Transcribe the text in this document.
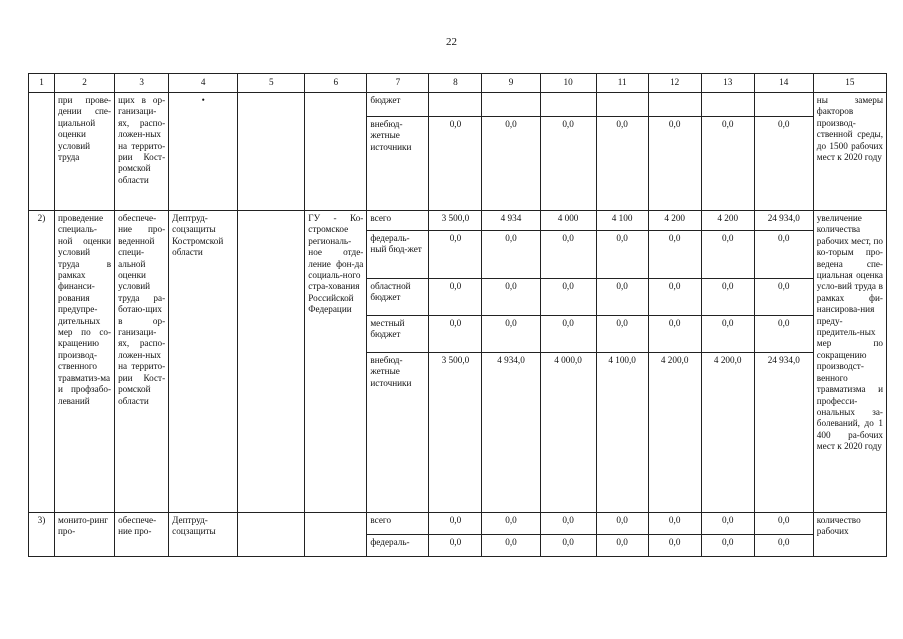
22
1	2	3	4	5	6	7	8	9	10	11	12	13	14	15
	при прове-дении спе-циальной оценки условий труда	щих в ор-ганизаци-ях, распо-ложен-ных на террито-рии Кост-ромской области	•			бюджет								ны замеры факторов производ-ственной среды, до 1500 рабочих мест к 2020 году
						внебюд-жетные источники	0,0	0,0	0,0	0,0	0,0	0,0	0,0	
2)	проведение специаль-ной оценки условий труда в рамках финанси-рования предупре-дительных мер по со-кращению производ-ственного травматиз-ма и профзабо-леваний	обеспече-ние про-веденной специ-альной оценки условий труда ра-ботаю-щих в ор-ганизаци-ях, распо-ложен-ных на террито-рии Кост-ромской области	Дептруд-соцзащиты Костромской области		ГУ - Ко-стромское региональ-ное отде-ление фон-да социаль-ного стра-хования Российской Федерации	всего	3 500,0	4 934	4 000	4 100	4 200	4 200	24 934,0	увеличение количества рабочих мест, по ко-торым про-ведена спе-циальная оценка усло-вий труда в рамках фи-нансирова-ния преду-предитель-ных мер по сокращению производст-венного травматизма и професси-ональных за-болеваний, до 1 400 ра-бочих мест к 2020 году
						федераль-ный бюд-жет	0,0	0,0	0,0	0,0	0,0	0,0	0,0	
						областной бюджет	0,0	0,0	0,0	0,0	0,0	0,0	0,0	
						местный бюджет	0,0	0,0	0,0	0,0	0,0	0,0	0,0	
						внебюд-жетные источники	3 500,0	4 934,0	4 000,0	4 100,0	4 200,0	4 200,0	24 934,0	
3)	монито-ринг про-	обеспече-ние про-	Дептруд-соцзащиты			всего	0,0	0,0	0,0	0,0	0,0	0,0	0,0	количество рабочих
						федераль-	0,0	0,0	0,0	0,0	0,0	0,0	0,0	
